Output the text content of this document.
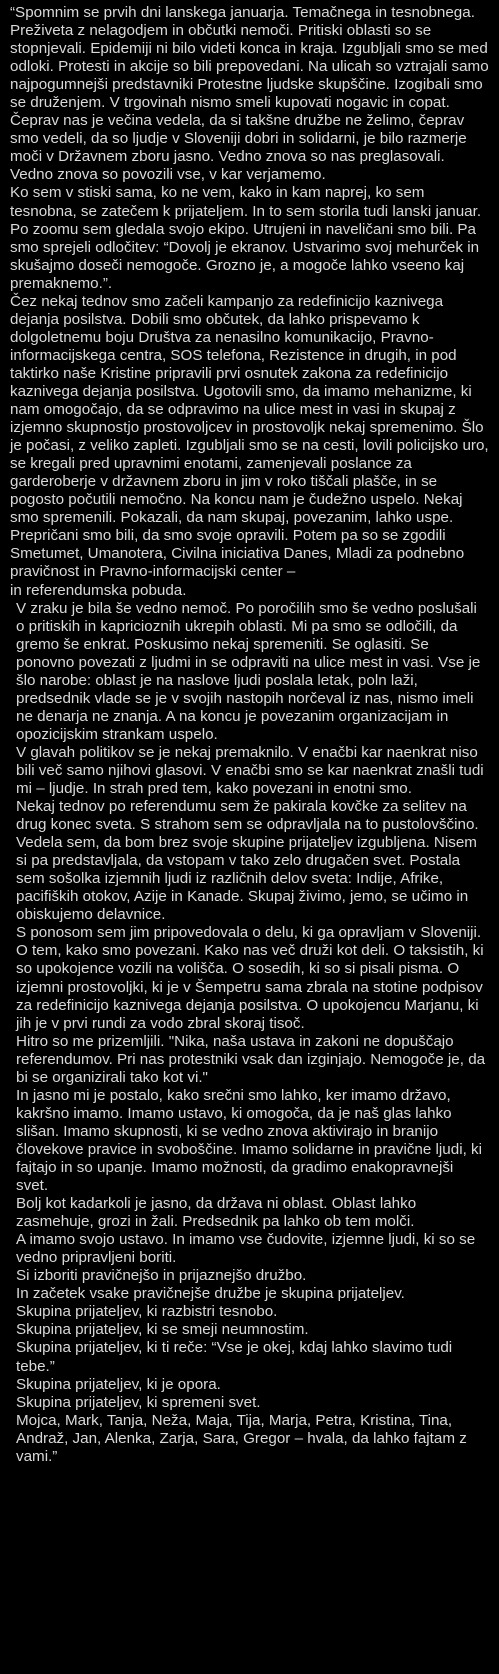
“Spomnim se prvih dni lanskega januarja. Temačnega in tesnobnega. Preživeta z nelagodjem in občutki nemoči. Pritiski oblasti so se stopnjevali. Epidemiji ni bilo videti konca in kraja. Izgubljali smo se med odloki. Protesti in akcije so bili prepovedani. Na ulicah so vztrajali samo najpogumnejši predstavniki Protestne ljudske skupščine. Izogibali smo se druženjem. V trgovinah nismo smeli kupovati nogavic in copat. Čeprav nas je večina vedela, da si takšne družbe ne želimo, čeprav smo vedeli, da so ljudje v Sloveniji dobri in solidarni, je bilo razmerje moči v Državnem zboru jasno. Vedno znova so nas preglasovali. Vedno znova so povozili vse, v kar verjamemo.

Ko sem v stiski sama, ko ne vem, kako in kam naprej, ko sem tesnobna, se zatečem k prijateljem. In to sem storila tudi lanski januar.

Po zoomu sem gledala svojo ekipo. Utrujeni in naveličani smo bili. Pa smo sprejeli odločitev: “Dovolj je ekranov. Ustvarimo svoj mehurček in skušajmo doseči nemogoče. Grozno je, a mogoče lahko vseeno kaj premaknemo.”.

Čez nekaj tednov smo začeli kampanjo za redefinicijo kaznivega dejanja posilstva. Dobili smo občutek, da lahko prispevamo k dolgoletnemu boju Društva za nenasilno komunikacijo, Pravno-informacijskega centra, SOS telefona, Rezistence in drugih, in pod taktirko naše Kristine pripravili prvi osnutek zakona za redefinicijo kaznivega dejanja posilstva. Ugotovili smo, da imamo mehanizme, ki nam omogočajo, da se odpravimo na ulice mest in vasi in skupaj z izjemno skupnostjo prostovoljcev in prostovoljk nekaj spremenimo. Šlo je počasi, z veliko zapleti. Izgubljali smo se na cesti, lovili policijsko uro, se kregali pred upravnimi enotami, zamenjevali poslance za garderoberje v državnem zboru in jim v roko tiščali plašče, in se pogosto počutili nemočno. Na koncu nam je čudežno uspelo. Nekaj smo spremenili. Pokazali, da nam skupaj, povezanim, lahko uspe.

Prepričani smo bili, da smo svoje opravili. Potem pa so se zgodili Smetumet, Umanotera, Civilna iniciativa Danes, Mladi za podnebno pravičnost in Pravno-informacijski center –

in referendumska pobuda.

V zraku je bila še vedno nemoč. Po poročilih smo še vedno poslušali o pritiskih in kapricioznih ukrepih oblasti. Mi pa smo se odločili, da gremo še enkrat. Poskusimo nekaj spremeniti. Se oglasiti. Se ponovno povezati z ljudmi in se odpraviti na ulice mest in vasi. Vse je šlo narobe: oblast je na naslove ljudi poslala letak, poln laži, predsednik vlade se je v svojih nastopih norčeval iz nas, nismo imeli ne denarja ne znanja. A na koncu je povezanim organizacijam in opozicijskim strankam uspelo.

V glavah politikov se je nekaj premaknilo. V enačbi kar naenkrat niso bili več samo njihovi glasovi. V enačbi smo se kar naenkrat znašli tudi mi – ljudje. In strah pred tem, kako povezani in enotni smo.

Nekaj tednov po referendumu sem že pakirala kovčke za selitev na drug konec sveta. S strahom sem se odpravljala na to pustolovščino. Vedela sem, da bom brez svoje skupine prijateljev izgubljena. Nisem si pa predstavljala, da vstopam v tako zelo drugačen svet. Postala sem sošolka izjemnih ljudi iz različnih delov sveta: Indije, Afrike, pacifiških otokov, Azije in Kanade. Skupaj živimo, jemo, se učimo in obiskujemo delavnice.

S ponosom sem jim pripovedovala o delu, ki ga opravljam v Sloveniji. O tem, kako smo povezani. Kako nas več druži kot deli. O taksistih, ki so upokojence vozili na volišča. O sosedih, ki so si pisali pisma. O izjemni prostovoljki, ki je v Šempetru sama zbrala na stotine podpisov za redefinicijo kaznivega dejanja posilstva. O upokojencu Marjanu, ki jih je v prvi rundi za vodo zbral skoraj tisoč.

Hitro so me prizemljili. "Nika, naša ustava in zakoni ne dopuščajo referendumov. Pri nas protestniki vsak dan izginjajo. Nemogoče je, da bi se organizirali tako kot vi."

In jasno mi je postalo, kako srečni smo lahko, ker imamo državo, kakršno imamo. Imamo ustavo, ki omogoča, da je naš glas lahko slišan. Imamo skupnosti, ki se vedno znova aktivirajo in branijo človekove pravice in svoboščine. Imamo solidarne in pravične ljudi, ki fajtajo in so upanje. Imamo možnosti, da gradimo enakopravnejši svet.

Bolj kot kadarkoli je jasno, da država ni oblast. Oblast lahko zasmehuje, grozi in žali. Predsednik pa lahko ob tem molči.

A imamo svojo ustavo. In imamo vse čudovite, izjemne ljudi, ki so se vedno pripravljeni boriti.

Si izboriti pravičnejšo in prijaznejšo družbo.

In začetek vsake pravičnejše družbe je skupina prijateljev.

Skupina prijateljev, ki razbistri tesnobo.

Skupina prijateljev, ki se smeji neumnostim.

Skupina prijateljev, ki ti reče: “Vse je okej, kdaj lahko slavimo tudi tebe.”

Skupina prijateljev, ki je opora.

Skupina prijateljev, ki spremeni svet.

Mojca, Mark, Tanja, Neža, Maja, Tija, Marja, Petra, Kristina, Tina, Andraž, Jan, Alenka, Zarja, Sara, Gregor – hvala, da lahko fajtam z vami.”
